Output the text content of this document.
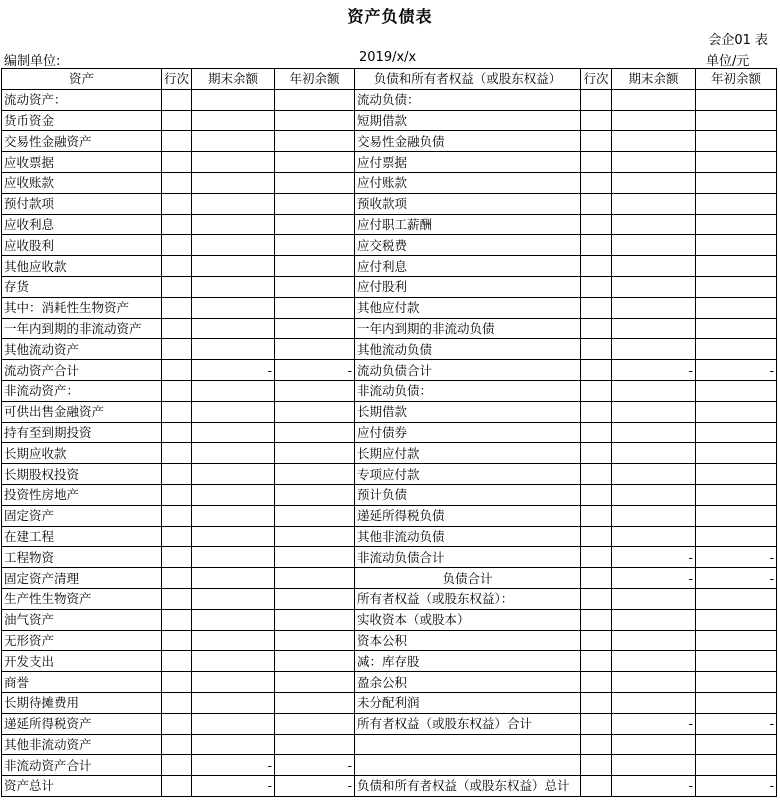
资产负债表
会企01 表
编制单位:	2019/x/x	单位/元
资产	行次	期末余额	年初余额	负债和所有者权益（或股东权益）	行次	期末余额	年初余额
流动资产：				流动负债：			
货币资金				短期借款			
交易性金融资产				交易性金融负债			
应收票据				应付票据			
应收账款				应付账款			
预付款项				预收款项			
应收利息				应付职工薪酬			
应收股利				应交税费			
其他应收款				应付利息			
存货				应付股利			
其中：消耗性生物资产				其他应付款			
一年内到期的非流动资产				一年内到期的非流动负债			
其他流动资产				其他流动负债			
流动资产合计		-	-	流动负债合计		-	-
非流动资产：				非流动负债：			
可供出售金融资产				长期借款			
持有至到期投资				应付债券			
长期应收款				长期应付款			
长期股权投资				专项应付款			
投资性房地产				预计负债			
固定资产				递延所得税负债			
在建工程				其他非流动负债			
工程物资				非流动负债合计		-	-
固定资产清理				负债合计		-	-
生产性生物资产				所有者权益（或股东权益）：			
油气资产				实收资本（或股本）			
无形资产				资本公积			
开发支出				减：库存股			
商誉				盈余公积			
长期待摊费用				未分配利润			
递延所得税资产				所有者权益（或股东权益）合计		-	-
其他非流动资产							
非流动资产合计		-	-				
资产总计		-	-	负债和所有者权益（或股东权益）总计		-	-
